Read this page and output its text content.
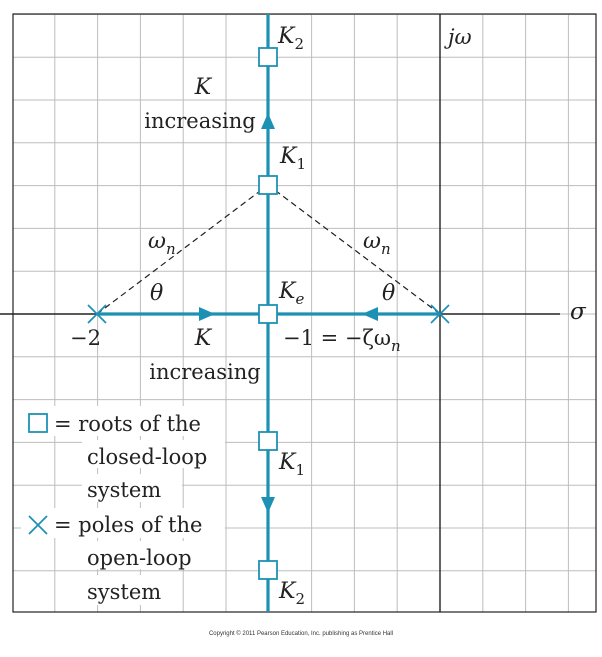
$K_2$
$K_1$
$K_e$
$K_1$
$K_2$
K
increasing
K
increasing
$\omega_n$	$\omega_n$
θ	θ
−2	$-1 = -\zeta\omega_n$
jω
σ
= roots of the
closed-loop
system
= poles of the
open-loop
system
Copyright © 2011 Pearson Education, Inc. publishing as Prentice Hall
